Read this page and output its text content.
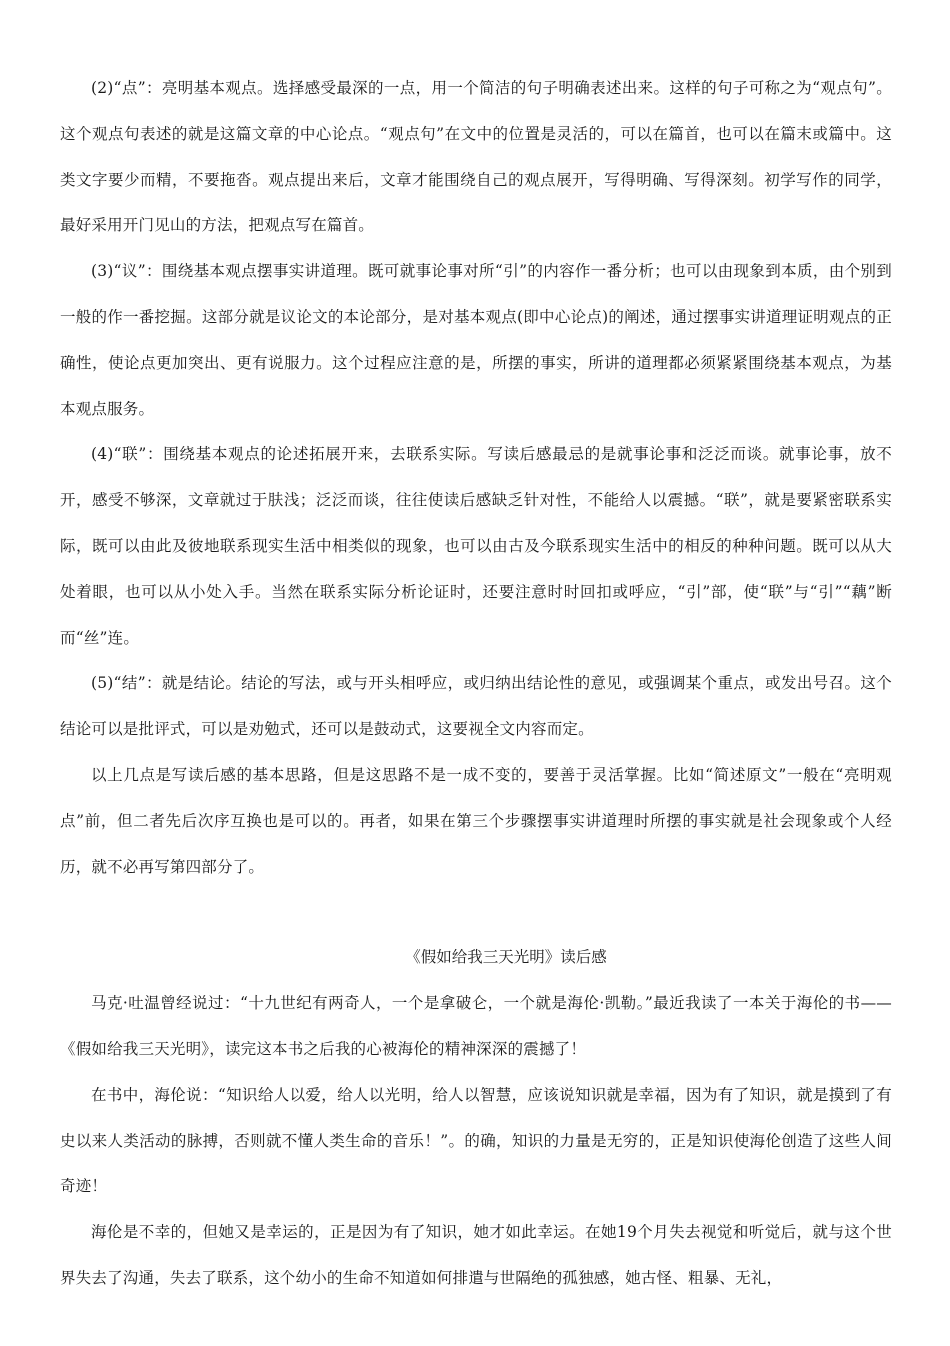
(2)“点”：亮明基本观点。选择感受最深的一点，用一个简洁的句子明确表述出来。这样的句子可称之为“观点句”。这个观点句表述的就是这篇文章的中心论点。“观点句”在文中的位置是灵活的，可以在篇首，也可以在篇末或篇中。这类文字要少而精，不要拖沓。观点提出来后，文章才能围绕自己的观点展开，写得明确、写得深刻。初学写作的同学，最好采用开门见山的方法，把观点写在篇首。

(3)“议”：围绕基本观点摆事实讲道理。既可就事论事对所“引”的内容作一番分析；也可以由现象到本质，由个别到一般的作一番挖掘。这部分就是议论文的本论部分，是对基本观点(即中心论点)的阐述，通过摆事实讲道理证明观点的正确性，使论点更加突出、更有说服力。这个过程应注意的是，所摆的事实，所讲的道理都必须紧紧围绕基本观点，为基本观点服务。

(4)“联”：围绕基本观点的论述拓展开来，去联系实际。写读后感最忌的是就事论事和泛泛而谈。就事论事，放不开，感受不够深，文章就过于肤浅；泛泛而谈，往往使读后感缺乏针对性，不能给人以震撼。“联”，就是要紧密联系实际，既可以由此及彼地联系现实生活中相类似的现象，也可以由古及今联系现实生活中的相反的种种问题。既可以从大处着眼，也可以从小处入手。当然在联系实际分析论证时，还要注意时时回扣或呼应，“引”部，使“联”与“引”“藕”断而“丝”连。

(5)“结”：就是结论。结论的写法，或与开头相呼应，或归纳出结论性的意见，或强调某个重点，或发出号召。这个结论可以是批评式，可以是劝勉式，还可以是鼓动式，这要视全文内容而定。

以上几点是写读后感的基本思路，但是这思路不是一成不变的，要善于灵活掌握。比如“简述原文”一般在“亮明观点”前，但二者先后次序互换也是可以的。再者，如果在第三个步骤摆事实讲道理时所摆的事实就是社会现象或个人经历，就不必再写第四部分了。

《假如给我三天光明》读后感

马克·吐温曾经说过：“十九世纪有两奇人，一个是拿破仑，一个就是海伦·凯勒。”最近我读了一本关于海伦的书——《假如给我三天光明》，读完这本书之后我的心被海伦的精神深深的震撼了！

在书中，海伦说：“知识给人以爱，给人以光明，给人以智慧，应该说知识就是幸福，因为有了知识，就是摸到了有史以来人类活动的脉搏，否则就不懂人类生命的音乐！”。的确，知识的力量是无穷的，正是知识使海伦创造了这些人间奇迹！

海伦是不幸的，但她又是幸运的，正是因为有了知识，她才如此幸运。在她19个月失去视觉和听觉后，就与这个世界失去了沟通，失去了联系，这个幼小的生命不知道如何排遣与世隔绝的孤独感，她古怪、粗暴、无礼，
